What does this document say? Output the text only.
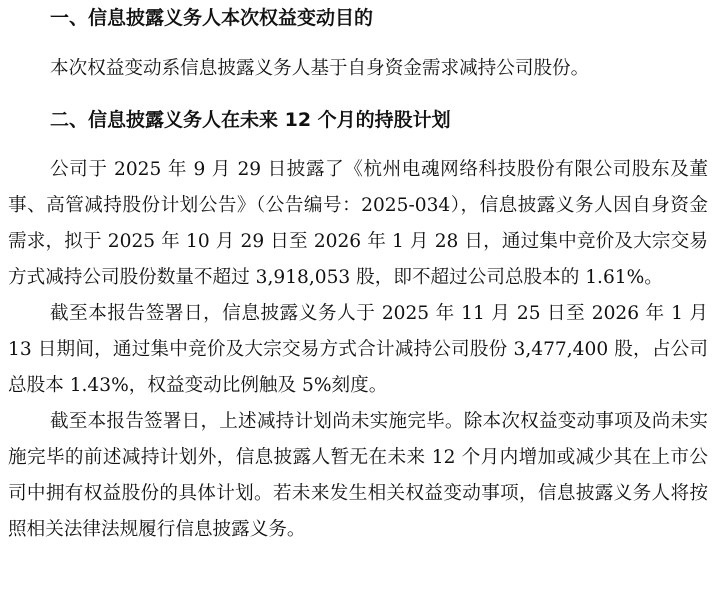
一、信息披露义务人本次权益变动目的

本次权益变动系信息披露义务人基于自身资金需求减持公司股份。

二、信息披露义务人在未来 12 个月的持股计划

公司于 2025 年 9 月 29 日披露了《杭州电魂网络科技股份有限公司股东及董事、高管减持股份计划公告》（公告编号：2025-034），信息披露义务人因自身资金需求，拟于 2025 年 10 月 29 日至 2026 年 1 月 28 日，通过集中竞价及大宗交易方式减持公司股份数量不超过 3,918,053 股，即不超过公司总股本的 1.61%。

截至本报告签署日，信息披露义务人于 2025 年 11 月 25 日至 2026 年 1 月 13 日期间，通过集中竞价及大宗交易方式合计减持公司股份 3,477,400 股，占公司总股本 1.43%，权益变动比例触及 5%刻度。

截至本报告签署日，上述减持计划尚未实施完毕。除本次权益变动事项及尚未实施完毕的前述减持计划外，信息披露人暂无在未来 12 个月内增加或减少其在上市公司中拥有权益股份的具体计划。若未来发生相关权益变动事项，信息披露义务人将按照相关法律法规履行信息披露义务。
